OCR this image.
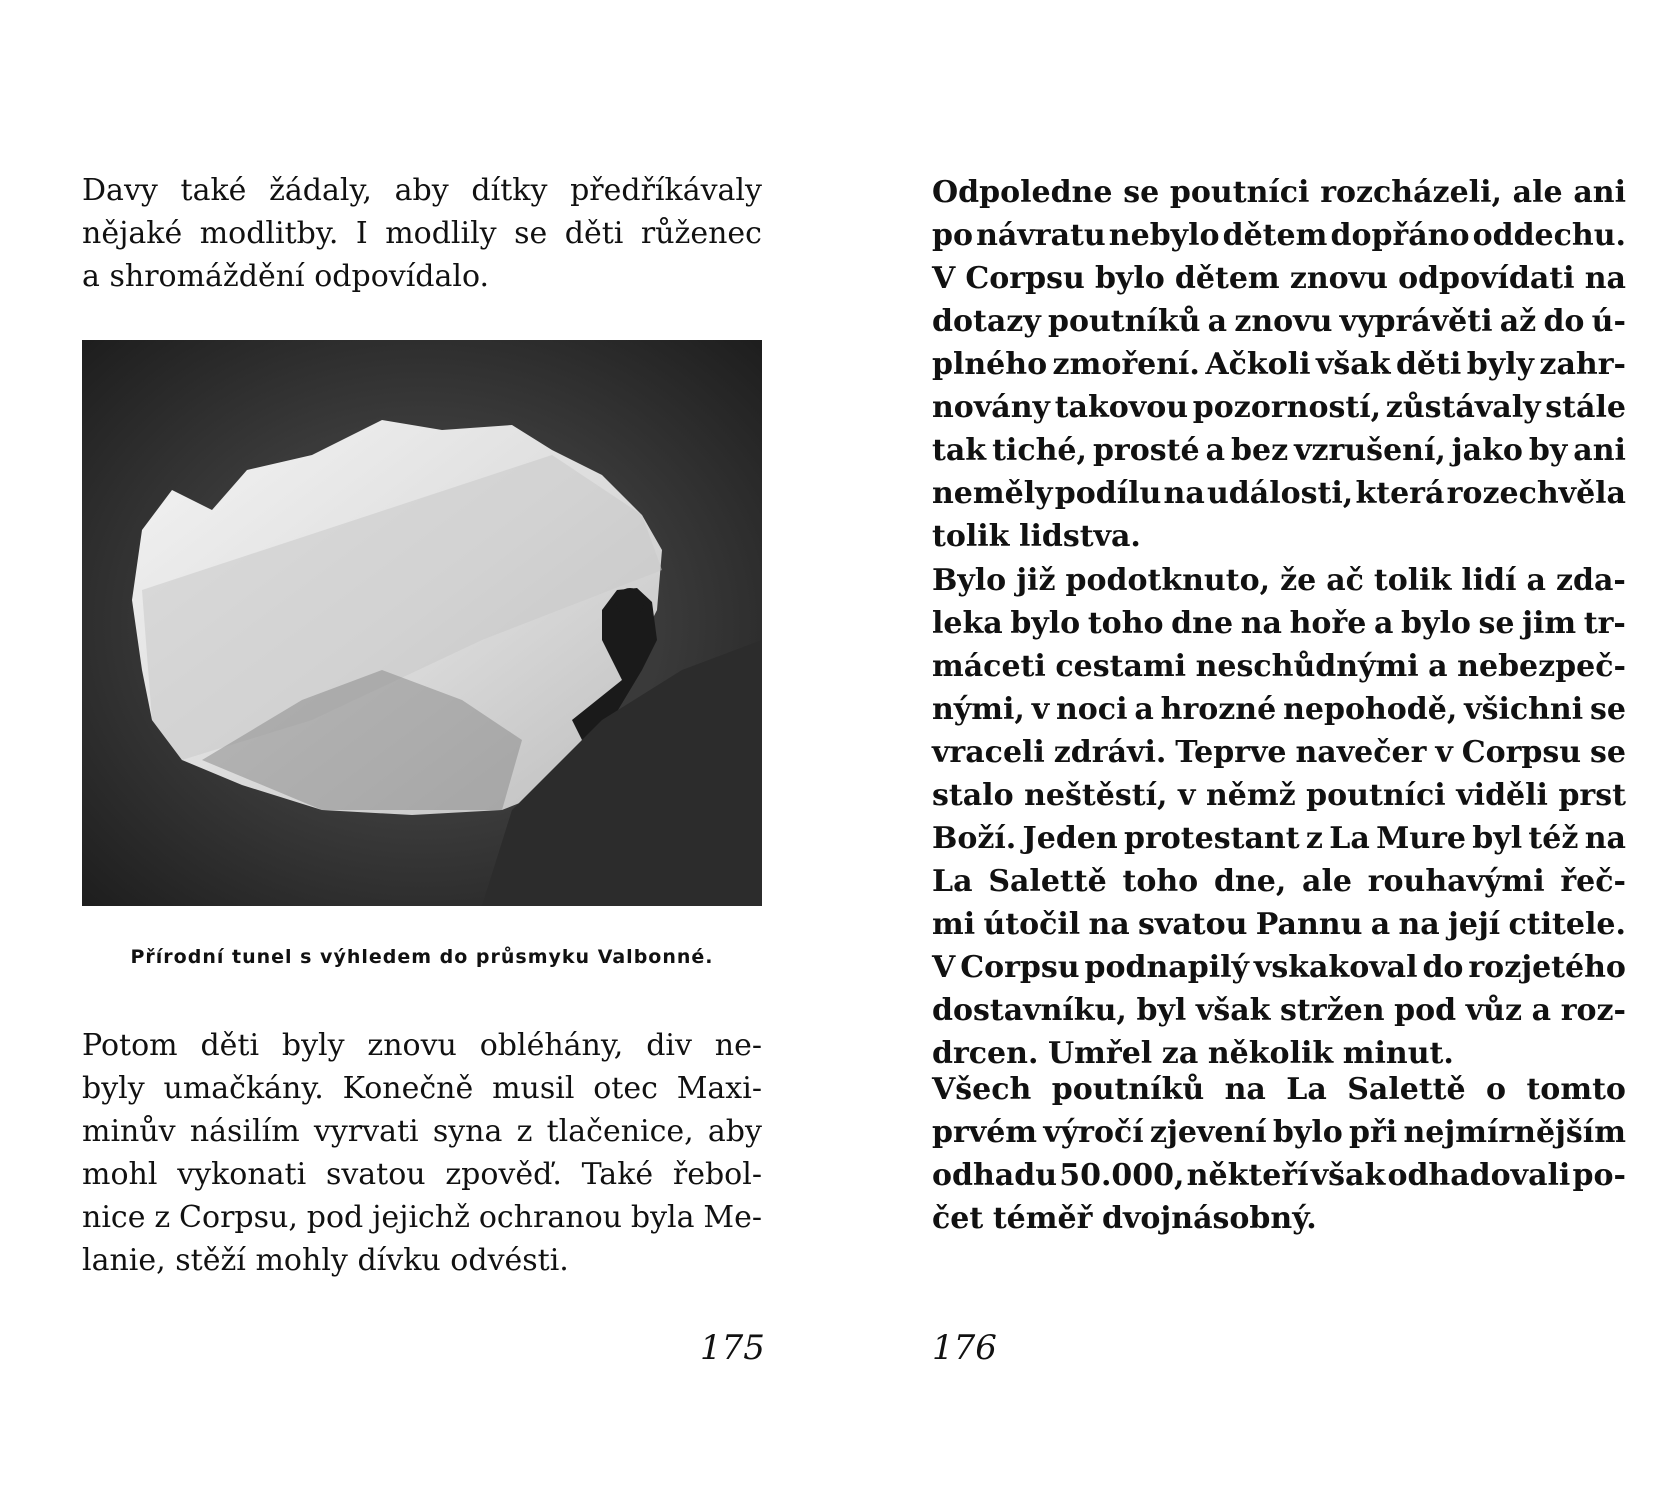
Davy také žádaly, aby dítky předříkávaly
nějaké modlitby. I modlily se děti růženec
a shromáždění odpovídalo.
Přírodní tunel s výhledem do průsmyku Valbonné.
Potom děti byly znovu obléhány, div ne-
byly umačkány. Konečně musil otec Maxi-
minův násilím vyrvati syna z tlačenice, aby
mohl vykonati svatou zpověď. Také řebol-
nice z Corpsu, pod jejichž ochranou byla Me-
lanie, stěží mohly dívku odvésti.
175
Odpoledne se poutníci rozcházeli, ale ani
po návratu nebylo dětem dopřáno oddechu.
V Corpsu bylo dětem znovu odpovídati na
dotazy poutníků a znovu vyprávěti až do ú-
plného zmoření. Ačkoli však děti byly zahr-
novány takovou pozorností, zůstávaly stále
tak tiché, prosté a bez vzrušení, jako by ani
neměly podílu na události, která rozechvěla
tolik lidstva.
Bylo již podotknuto, že ač tolik lidí a zda-
leka bylo toho dne na hoře a bylo se jim tr-
máceti cestami neschůdnými a nebezpeč-
nými, v noci a hrozné nepohodě, všichni se
vraceli zdrávi. Teprve navečer v Corpsu se
stalo neštěstí, v němž poutníci viděli prst
Boží. Jeden protestant z La Mure byl též na
La Salettě toho dne, ale rouhavými řeč-
mi útočil na svatou Pannu a na její ctitele.
V Corpsu podnapilý vskakoval do rozjetého
dostavníku, byl však stržen pod vůz a roz-
drcen. Umřel za několik minut.
Všech poutníků na La Salettě o tomto
prvém výročí zjevení bylo při nejmírnějším
odhadu 50.000, někteří však odhadovali po-
čet téměř dvojnásobný.
176
